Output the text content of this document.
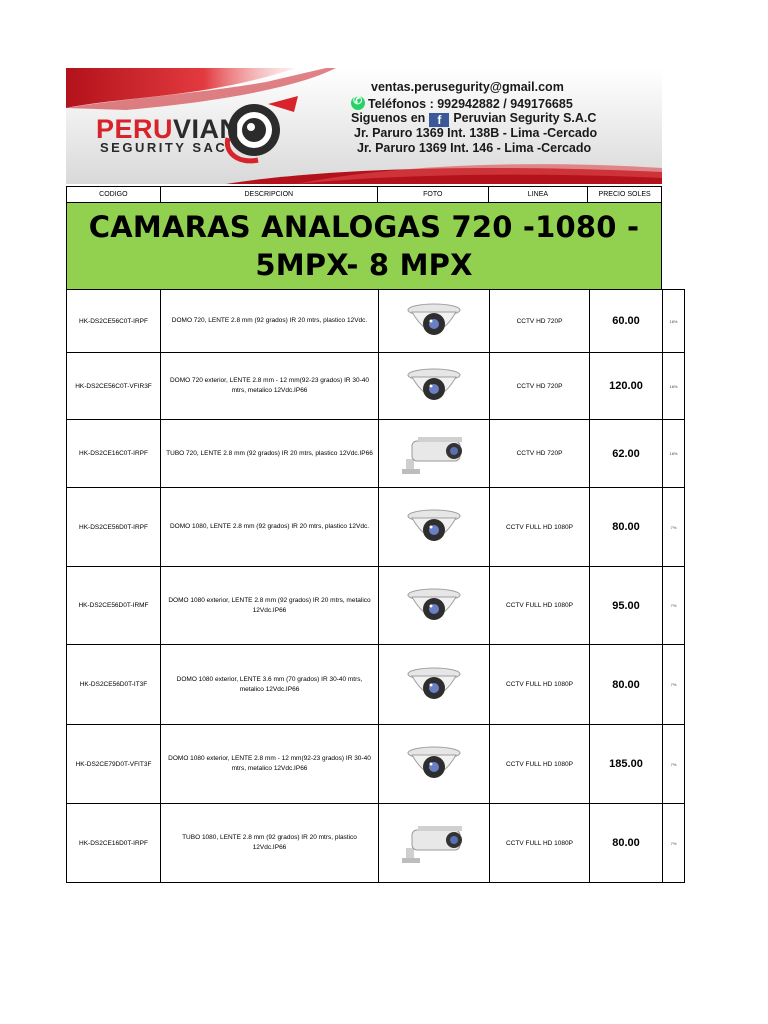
PERUVIAN
SEGURITY SAC
ventas.perusegurity@gmail.com
✆Teléfonos : 992942882 / 949176685
Siguenos en f Peruvian Segurity S.A.C
Jr. Paruro 1369 Int. 138B - Lima -Cercado
Jr. Paruro 1369 Int. 146 - Lima -Cercado
CODIGO	DESCRIPCION	FOTO	LINEA	PRECIO SOLES
CAMARAS ANALOGAS 720 -1080 -
5MPX- 8 MPX
HK-DS2CE56C0T-IRPF	DOMO 720, LENTE 2.8 mm (92 grados) IR 20 mtrs, plastico 12Vdc.		CCTV HD 720P	60.00	16%
HK-DS2CE56C0T-VFIR3F	DOMO 720 exterior, LENTE 2.8 mm - 12 mm(92-23 grados) IR 30-40 mtrs, metalico 12Vdc.IP66		CCTV HD 720P	120.00	16%
HK-DS2CE16C0T-IRPF	TUBO 720, LENTE 2.8 mm (92 grados) IR 20 mtrs, plastico 12Vdc.IP66		CCTV HD 720P	62.00	16%
HK-DS2CE56D0T-IRPF	DOMO 1080, LENTE 2.8 mm (92 grados) IR 20 mtrs, plastico 12Vdc.		CCTV FULL HD 1080P	80.00	7%
HK-DS2CE56D0T-IRMF	DOMO 1080 exterior, LENTE 2.8 mm (92 grados) IR 20 mtrs, metalico 12Vdc.IP66		CCTV FULL HD 1080P	95.00	7%
HK-DS2CE56D0T-IT3F	DOMO 1080 exterior, LENTE 3.6 mm (70 grados) IR 30-40 mtrs, metalico 12Vdc.IP66		CCTV FULL HD 1080P	80.00	7%
HK-DS2CE79D0T-VFIT3F	DOMO 1080 exterior, LENTE 2.8 mm - 12 mm(92-23 grados) IR 30-40 mtrs, metalico 12Vdc.IP66		CCTV FULL HD 1080P	185.00	7%
HK-DS2CE16D0T-IRPF	TUBO 1080, LENTE 2.8 mm (92 grados) IR 20 mtrs, plastico 12Vdc.IP66		CCTV FULL HD 1080P	80.00	7%
